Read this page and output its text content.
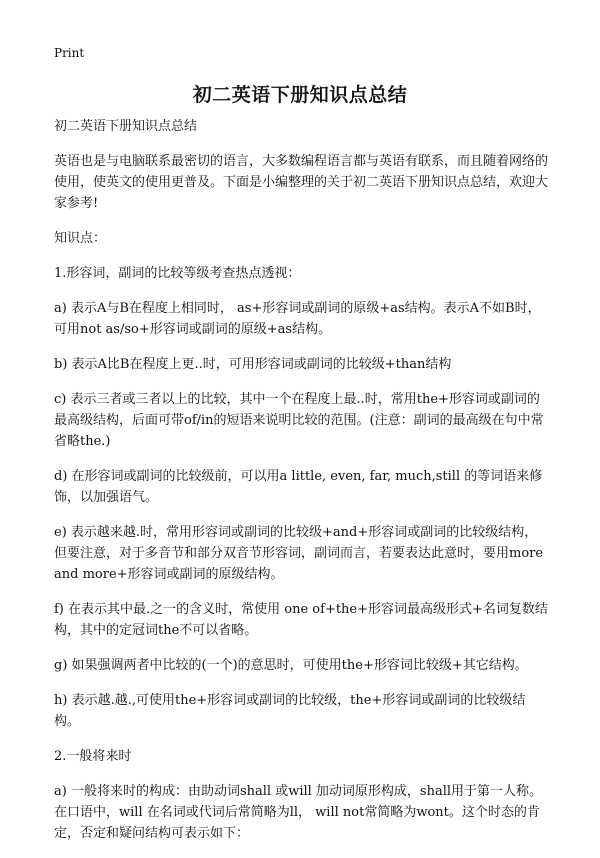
Print
初二英语下册知识点总结

初二英语下册知识点总结

英语也是与电脑联系最密切的语言，大多数编程语言都与英语有联系，而且随着网络的使用，使英文的使用更普及。下面是小编整理的关于初二英语下册知识点总结，欢迎大家参考!

知识点：

1.形容词，副词的比较等级考查热点透视：

a) 表示A与B在程度上相同时， as+形容词或副词的原级+as结构。表示A不如B时，可用not as/so+形容词或副词的原级+as结构。

b) 表示A比B在程度上更..时，可用形容词或副词的比较级+than结构

c) 表示三者或三者以上的比较，其中一个在程度上最..时，常用the+形容词或副词的最高级结构，后面可带of/in的短语来说明比较的范围。(注意：副词的最高级在句中常省略the.)

d) 在形容词或副词的比较级前，可以用a little, even, far, much,still 的等词语来修饰，以加强语气。

e) 表示越来越.时，常用形容词或副词的比较级+and+形容词或副词的比较级结构，但要注意，对于多音节和部分双音节形容词，副词而言，若要表达此意时，要用more and more+形容词或副词的原级结构。

f) 在表示其中最.之一的含义时，常使用 one of+the+形容词最高级形式+名词复数结构，其中的定冠词the不可以省略。

g) 如果强调两者中比较的(一个)的意思时，可使用the+形容词比较级+其它结构。

h) 表示越.越.,可使用the+形容词或副词的比较级，the+形容词或副词的比较级结构。

2.一般将来时

a) 一般将来时的构成：由助动词shall 或will 加动词原形构成，shall用于第一人称。在口语中，will 在名词或代词后常简略为ll， will not常简略为wont。这个时态的肯定，否定和疑问结构可表示如下：
